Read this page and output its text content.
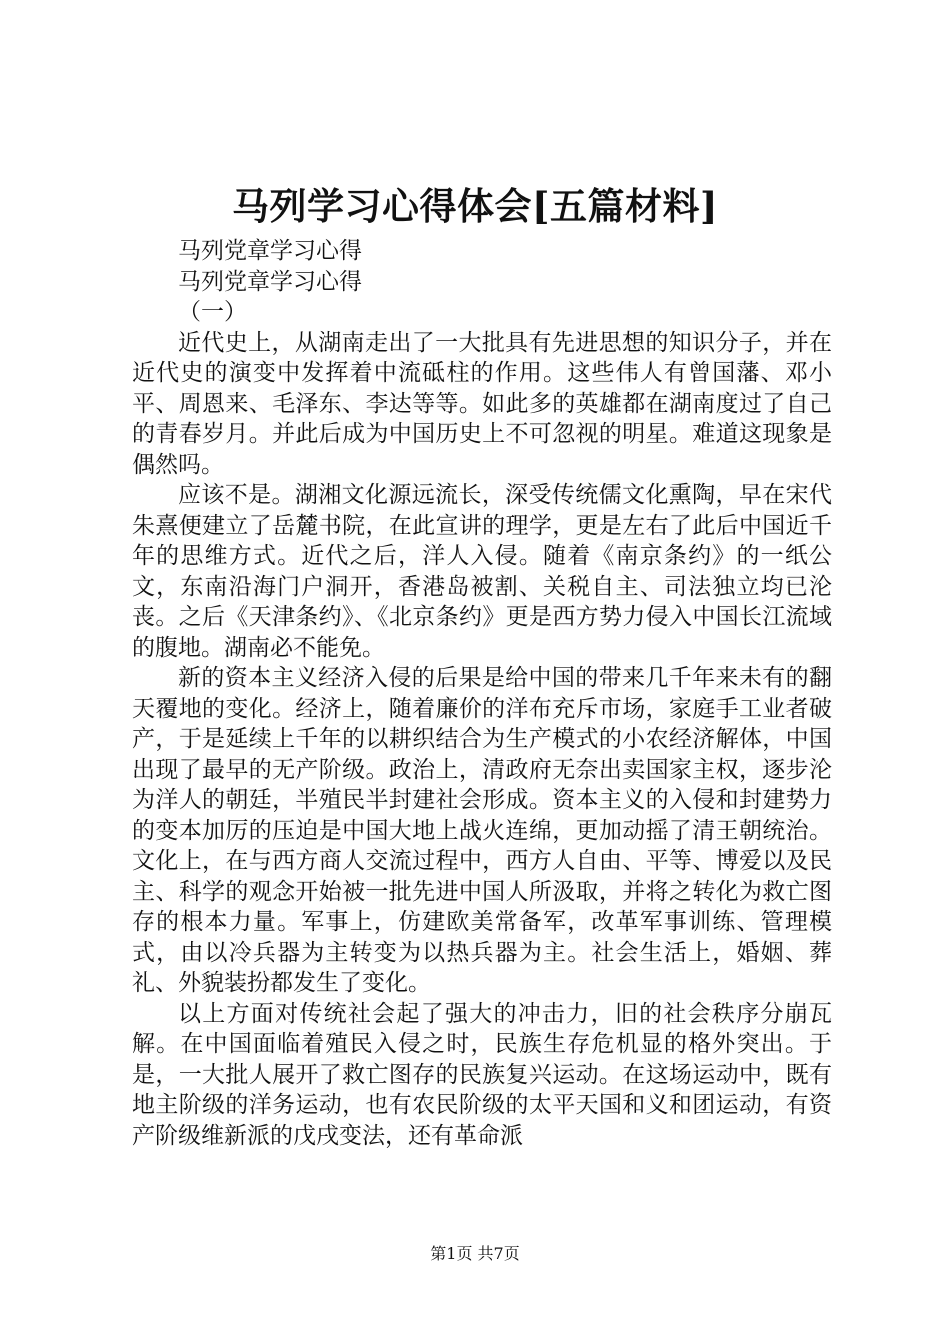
马列学习心得体会[五篇材料]

马列党章学习心得

马列党章学习心得

（一）

近代史上，从湖南走出了一大批具有先进思想的知识分子，并在近代史的演变中发挥着中流砥柱的作用。这些伟人有曾国藩、邓小平、周恩来、毛泽东、李达等等。如此多的英雄都在湖南度过了自己的青春岁月。并此后成为中国历史上不可忽视的明星。难道这现象是偶然吗。

应该不是。湖湘文化源远流长，深受传统儒文化熏陶，早在宋代朱熹便建立了岳麓书院，在此宣讲的理学，更是左右了此后中国近千年的思维方式。近代之后，洋人入侵。随着《南京条约》的一纸公文，东南沿海门户洞开，香港岛被割、关税自主、司法独立均已沦丧。之后《天津条约》、《北京条约》更是西方势力侵入中国长江流域的腹地。湖南必不能免。

新的资本主义经济入侵的后果是给中国的带来几千年来未有的翻天覆地的变化。经济上，随着廉价的洋布充斥市场，家庭手工业者破产，于是延续上千年的以耕织结合为生产模式的小农经济解体，中国出现了最早的无产阶级。政治上，清政府无奈出卖国家主权，逐步沦为洋人的朝廷，半殖民半封建社会形成。资本主义的入侵和封建势力的变本加厉的压迫是中国大地上战火连绵，更加动摇了清王朝统治。文化上，在与西方商人交流过程中，西方人自由、平等、博爱以及民主、科学的观念开始被一批先进中国人所汲取，并将之转化为救亡图存的根本力量。军事上，仿建欧美常备军，改革军事训练、管理模式，由以冷兵器为主转变为以热兵器为主。社会生活上，婚姻、葬礼、外貌装扮都发生了变化。

以上方面对传统社会起了强大的冲击力，旧的社会秩序分崩瓦解。在中国面临着殖民入侵之时，民族生存危机显的格外突出。于是，一大批人展开了救亡图存的民族复兴运动。在这场运动中，既有地主阶级的洋务运动，也有农民阶级的太平天国和义和团运动，有资产阶级维新派的戊戌变法，还有革命派

第1页 共7页
